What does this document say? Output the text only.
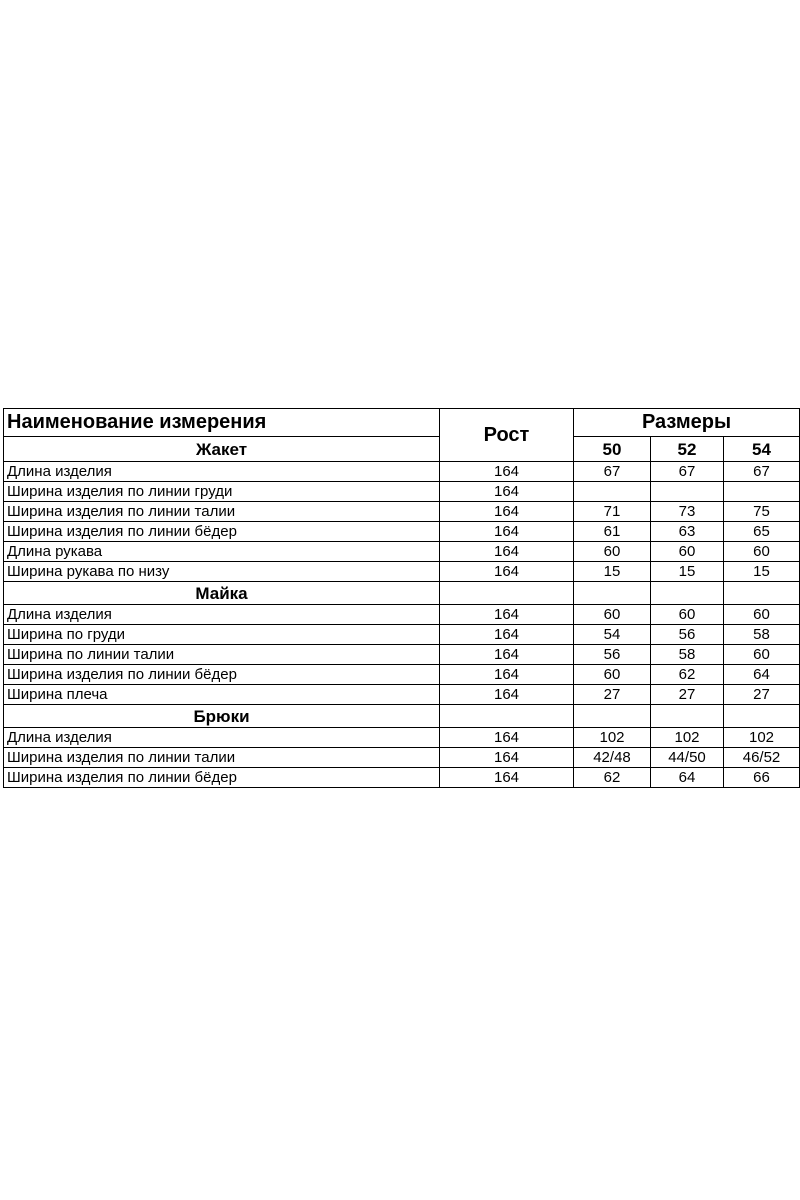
Наименование измерения	Рост	Размеры		
Жакет		50	52	54
Длина изделия	164	67	67	67
Ширина изделия по линии груди	164			
Ширина изделия по линии талии	164	71	73	75
Ширина изделия по линии бёдер	164	61	63	65
Длина рукава	164	60	60	60
Ширина рукава по низу	164	15	15	15
Майка				
Длина изделия	164	60	60	60
Ширина по груди	164	54	56	58
Ширина по линии талии	164	56	58	60
Ширина изделия по линии бёдер	164	60	62	64
Ширина плеча	164	27	27	27
Брюки				
Длина изделия	164	102	102	102
Ширина изделия по линии талии	164	42/48	44/50	46/52
Ширина изделия по линии бёдер	164	62	64	66
